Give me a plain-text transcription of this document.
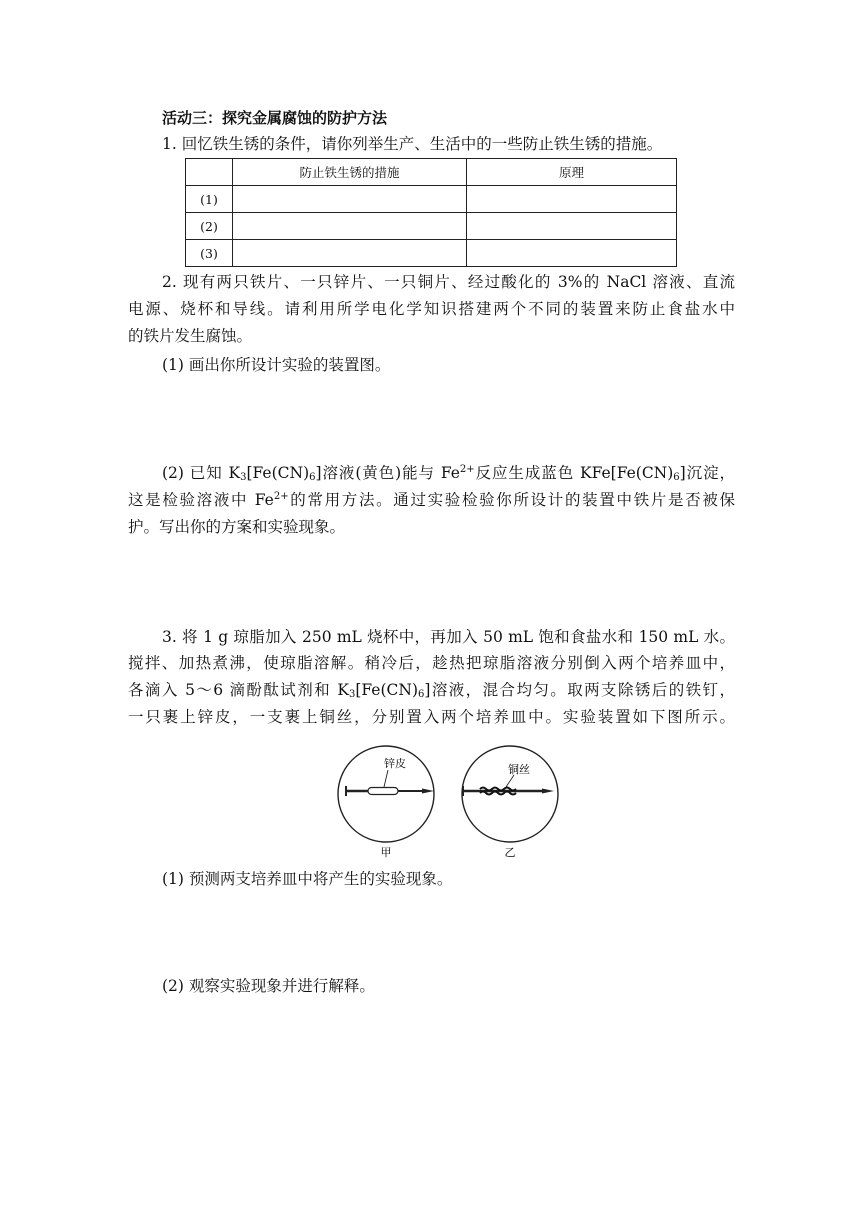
活动三：探究金属腐蚀的防护方法
1. 回忆铁生锈的条件，请你列举生产、生活中的一些防止铁生锈的措施。
	防止铁生锈的措施	原理
(1)		
(2)		
(3)		
2. 现有两只铁片、一只锌片、一只铜片、经过酸化的 3%的 NaCl 溶液、直流
电源、烧杯和导线。请利用所学电化学知识搭建两个不同的装置来防止食盐水中
的铁片发生腐蚀。
(1) 画出你所设计实验的装置图。
(2) 已知 $K_3[Fe(CN)_6]$溶液(黄色)能与 $Fe^{2+}$反应生成蓝色 $KFe[Fe(CN)_6]$沉淀，
这是检验溶液中 $Fe^{2+}$的常用方法。通过实验检验你所设计的装置中铁片是否被保
护。写出你的方案和实验现象。
3. 将 1 g 琼脂加入 250 mL 烧杯中，再加入 50 mL 饱和食盐水和 150 mL 水。
搅拌、加热煮沸，使琼脂溶解。稍冷后，趁热把琼脂溶液分别倒入两个培养皿中，
各滴入 5～6 滴酚酞试剂和 $K_3[Fe(CN)_6]$溶液，混合均匀。取两支除锈后的铁钉，
一只裹上锌皮，一支裹上铜丝，分别置入两个培养皿中。实验装置如下图所示。
锌皮
甲
铜丝
乙
(1) 预测两支培养皿中将产生的实验现象。
(2) 观察实验现象并进行解释。
